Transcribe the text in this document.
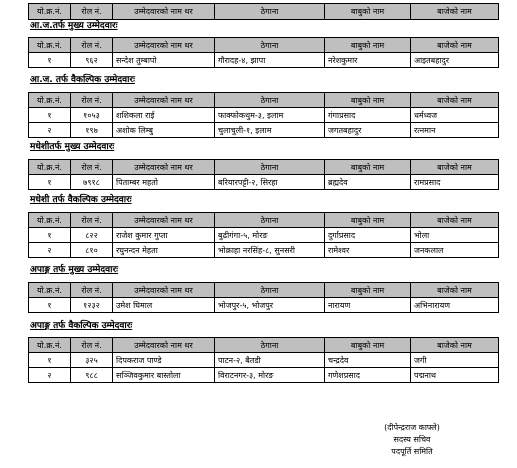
यो.क्र.नं.	रोल नं.	उम्मेदवारको नाम थर	ठेगाना	बाबुको नाम	बाजेको नाम
आ.ज.तर्फ मुख्य उम्मेदवारः
यो.क्र.नं.	रोल नं.	उम्मेदवारको नाम थर	ठेगाना	बाबुको नाम	बाजेको नाम
१	९६२	सन्देश तुम्बापो	गौरादह-४, झापा	नरेशकुमार	आइतबहादुर
आ.ज. तर्फ वैकल्पिक उम्मेदवारः
यो.क्र.नं.	रोल नं.	उम्मेदवारको नाम थर	ठेगाना	बाबुको नाम	बाजेको नाम
१	१०५३	शशिकला राई	फाक्फोकथुम-३, इलाम	गंगाप्रसाद	धर्मध्वज
२	१९७	अशोक लिम्बु	चुलाचुली-१, इलाम	जगतबहादुर	रत्नमान
मधेशीतर्फ मुख्य उम्मेदवारः
यो.क्र.नं.	रोल नं.	उम्मेदवारको नाम थर	ठेगाना	बाबुको नाम	बाजेको नाम
१	७९१८	पिताम्बर महतो	बरियारपट्टी-२, सिरहा	ब्रह्मदेव	रामप्रसाद
मधेशी तर्फ वैकल्पिक उम्मेदवारः
यो.क्र.नं.	रोल नं.	उम्मेदवारको नाम थर	ठेगाना	बाबुको नाम	बाजेको नाम
१	८२२	राजेश कुमार गुप्ता	बुढीगंगा-५, मोरङ	दुर्गाप्रसाद	भोला
२	८१०	रघुनन्दन मेहता	भोक्राहा नरसिंह-८, सुनसरी	रामेश्वर	जनकलाल
अपाङ्ग तर्फ मुख्य उम्मेदवारः
यो.क्र.नं.	रोल नं.	उम्मेदवारको नाम थर	ठेगाना	बाबुको नाम	बाजेको नाम
१	१२३२	उमेश घिमाल	भोजपुर-५, भोजपुर	नारायण	अभिनारायण
अपाङ्ग तर्फ वैकल्पिक उम्मेदवारः
यो.क्र.नं.	रोल नं.	उम्मेदवारको नाम थर	ठेगाना	बाबुको नाम	बाजेको नाम
१	३२५	दिपकराज पाण्डे	पाटन-२, बैतडी	चन्द्रदेव	जगी
२	९८८	सञ्जिवकुमार बास्तोला	विराटनगर-३, मोरङ	गणेशप्रसाद	पद्मनाथ
(दीपेन्द्रराज काफ्ले)
सदस्य सचिव
पदपूर्ति समिति
